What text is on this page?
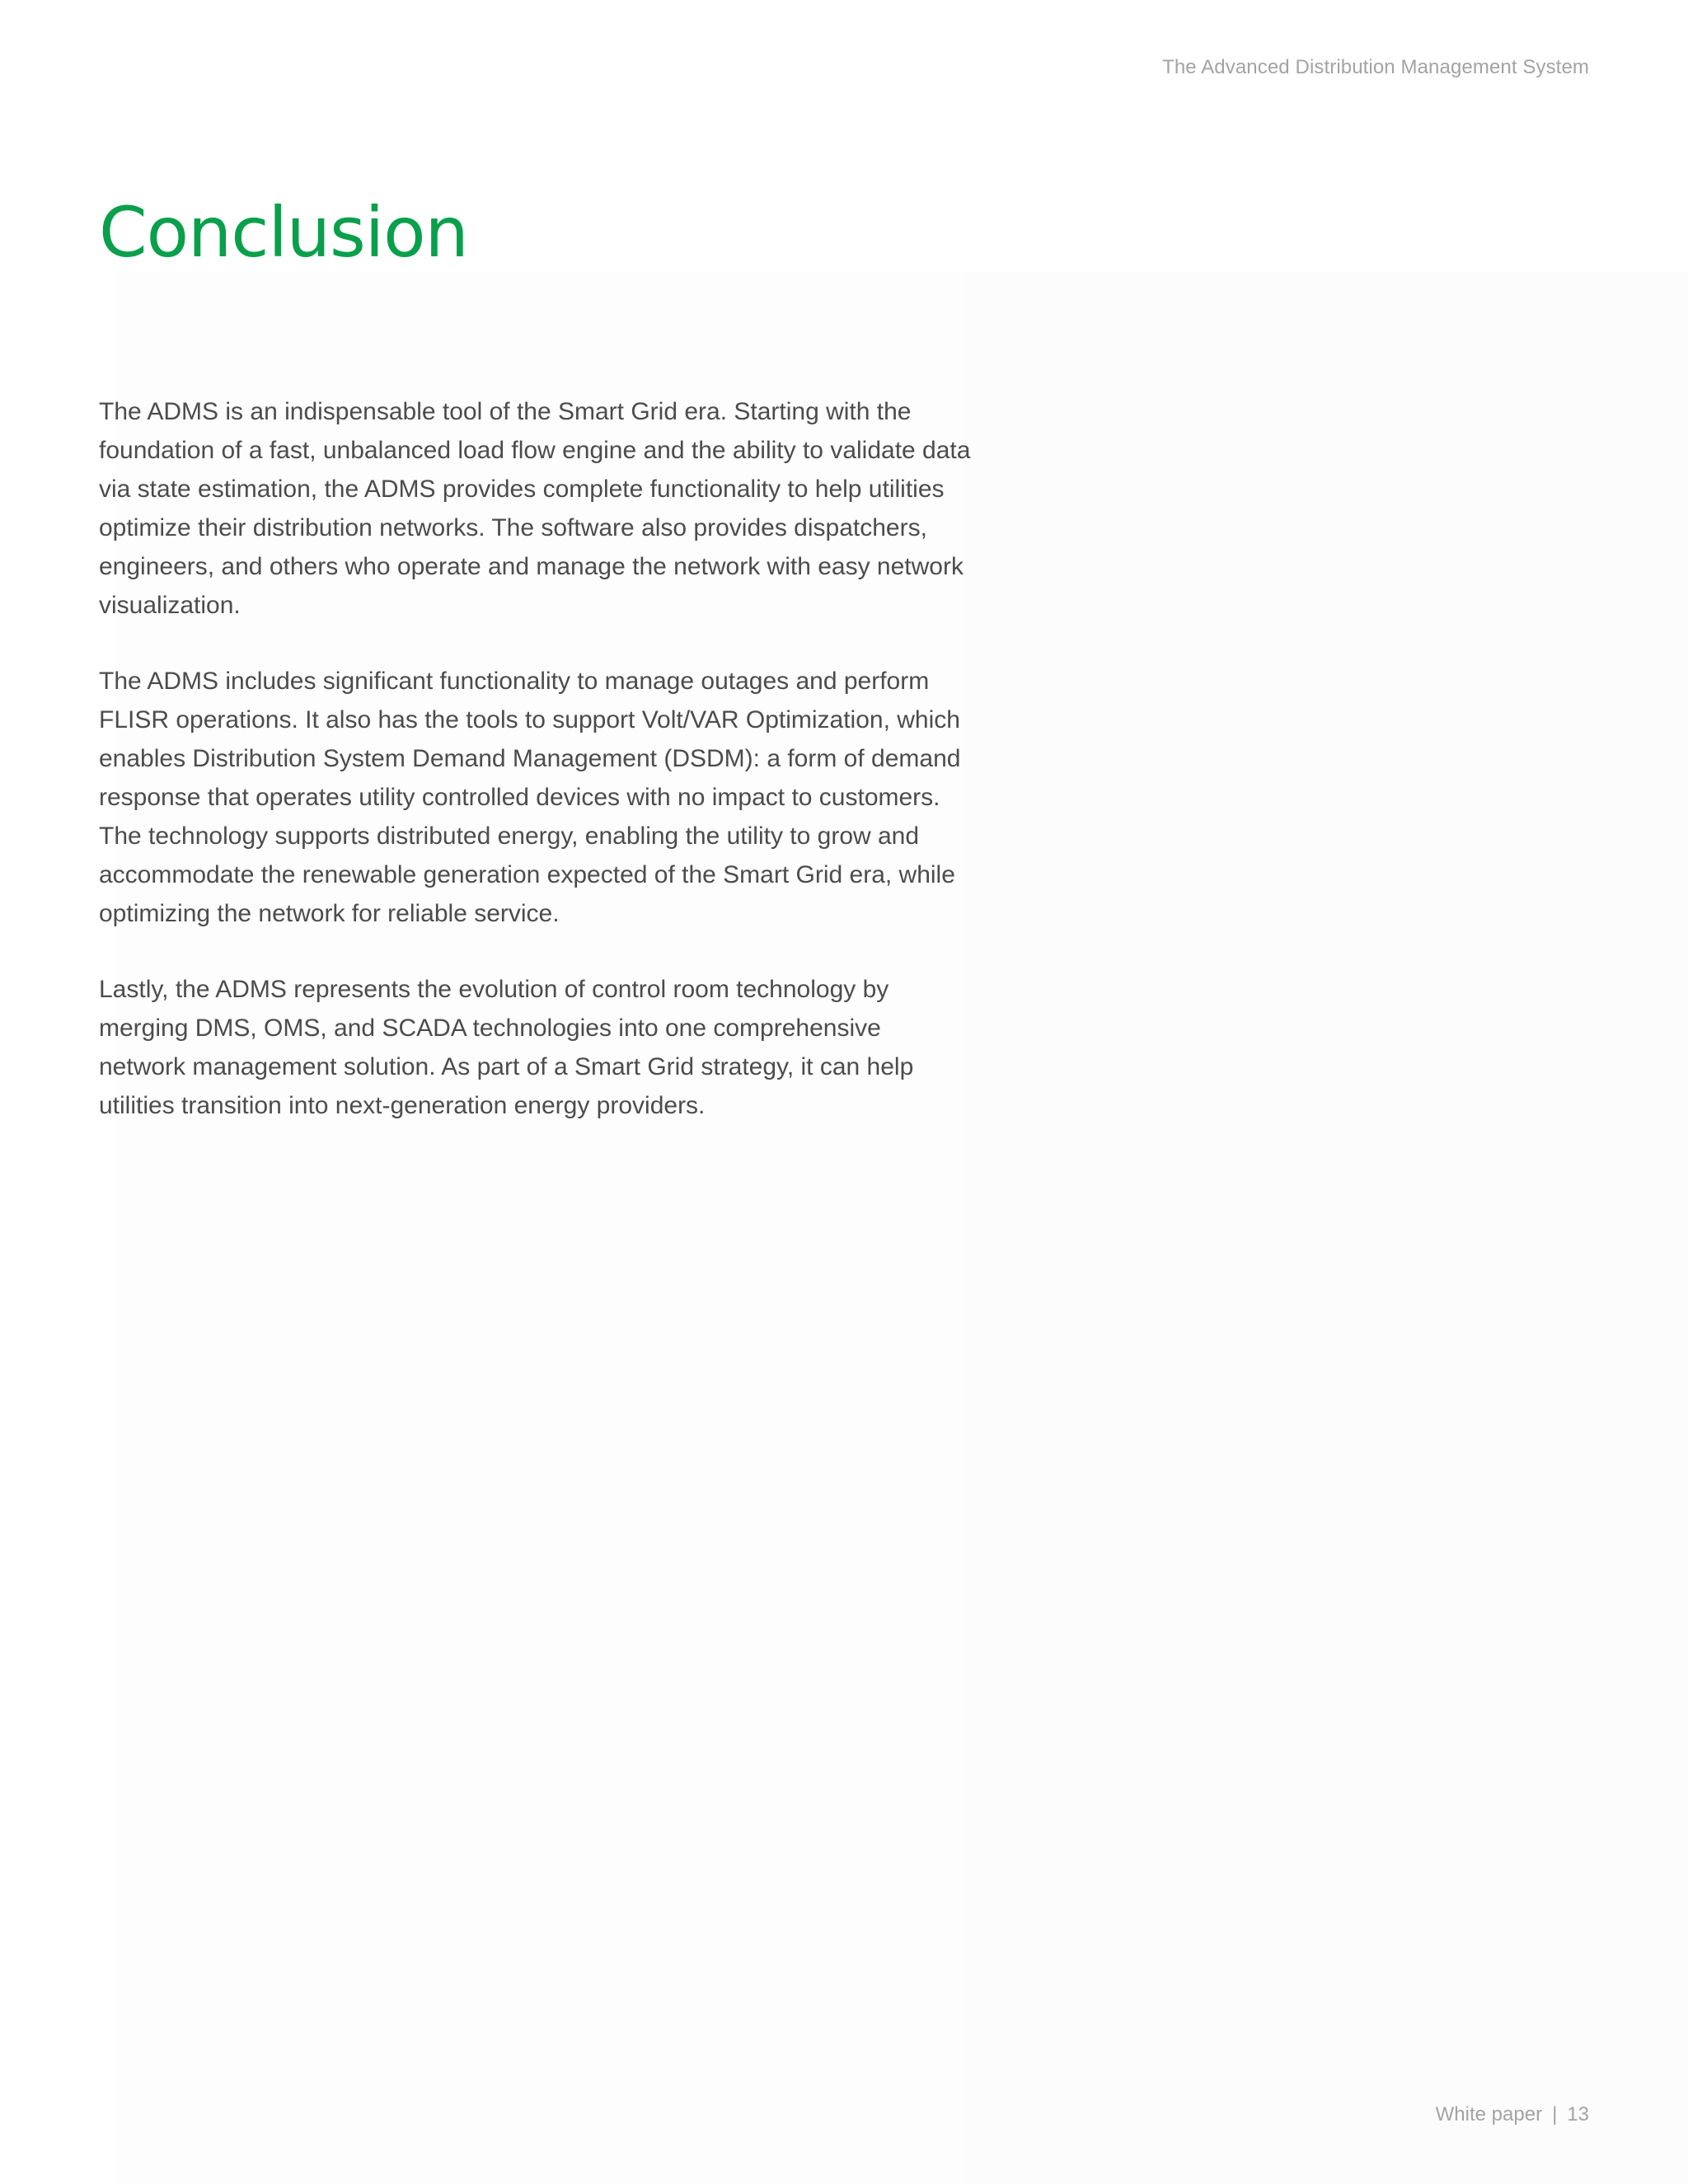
The Advanced Distribution Management System
Conclusion

The ADMS is an indispensable tool of the Smart Grid era. Starting with the foundation of a fast, unbalanced load flow engine and the ability to validate data via state estimation, the ADMS provides complete functionality to help utilities optimize their distribution networks. The software also provides dispatchers, engineers, and others who operate and manage the network with easy network visualization.

The ADMS includes significant functionality to manage outages and perform FLISR operations. It also has the tools to support Volt/VAR Optimization, which enables Distribution System Demand Management (DSDM): a form of demand response that operates utility controlled devices with no impact to customers. The technology supports distributed energy, enabling the utility to grow and accommodate the renewable generation expected of the Smart Grid era, while optimizing the network for reliable service.

Lastly, the ADMS represents the evolution of control room technology by merging DMS, OMS, and SCADA technologies into one comprehensive network management solution. As part of a Smart Grid strategy, it can help utilities transition into next-generation energy providers.

White paper | 13
